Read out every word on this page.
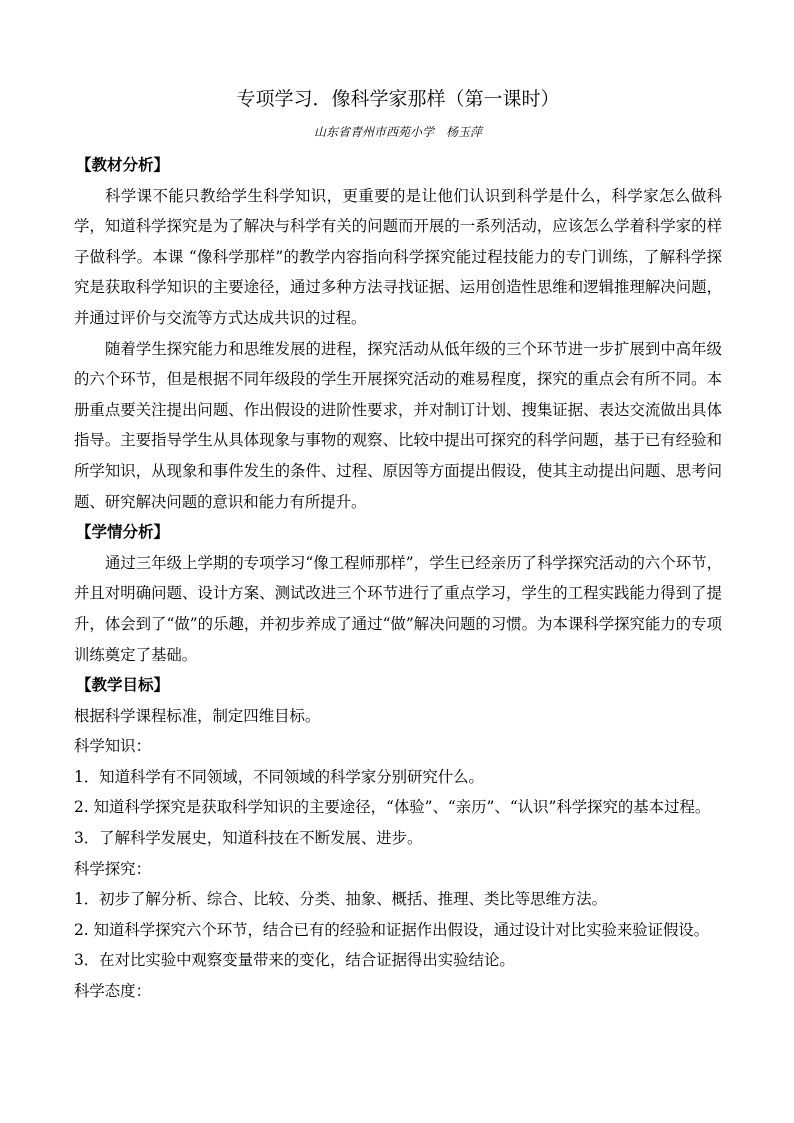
专项学习．像科学家那样（第一课时）
山东省青州市西苑小学　杨玉萍

【教材分析】

科学课不能只教给学生科学知识，更重要的是让他们认识到科学是什么，科学家怎么做科学，知道科学探究是为了解决与科学有关的问题而开展的一系列活动，应该怎么学着科学家的样子做科学。本课 “像科学那样”的教学内容指向科学探究能过程技能力的专门训练，了解科学探究是获取科学知识的主要途径，通过多种方法寻找证据、运用创造性思维和逻辑推理解决问题，并通过评价与交流等方式达成共识的过程。

随着学生探究能力和思维发展的进程，探究活动从低年级的三个环节进一步扩展到中高年级的六个环节，但是根据不同年级段的学生开展探究活动的难易程度，探究的重点会有所不同。本册重点要关注提出问题、作出假设的进阶性要求，并对制订计划、搜集证据、表达交流做出具体指导。主要指导学生从具体现象与事物的观察、比较中提出可探究的科学问题，基于已有经验和所学知识，从现象和事件发生的条件、过程、原因等方面提出假设，使其主动提出问题、思考问题、研究解决问题的意识和能力有所提升。

【学情分析】

通过三年级上学期的专项学习“像工程师那样”，学生已经亲历了科学探究活动的六个环节，并且对明确问题、设计方案、测试改进三个环节进行了重点学习，学生的工程实践能力得到了提升，体会到了“做”的乐趣，并初步养成了通过“做”解决问题的习惯。为本课科学探究能力的专项训练奠定了基础。

【教学目标】

根据科学课程标准，制定四维目标。

科学知识：

1．知道科学有不同领域，不同领域的科学家分别研究什么。

2. 知道科学探究是获取科学知识的主要途径，“体验”、“亲历”、“认识”科学探究的基本过程。

3．了解科学发展史，知道科技在不断发展、进步。

科学探究：

1．初步了解分析、综合、比较、分类、抽象、概括、推理、类比等思维方法。

2. 知道科学探究六个环节，结合已有的经验和证据作出假设，通过设计对比实验来验证假设。

3．在对比实验中观察变量带来的变化，结合证据得出实验结论。

科学态度：
